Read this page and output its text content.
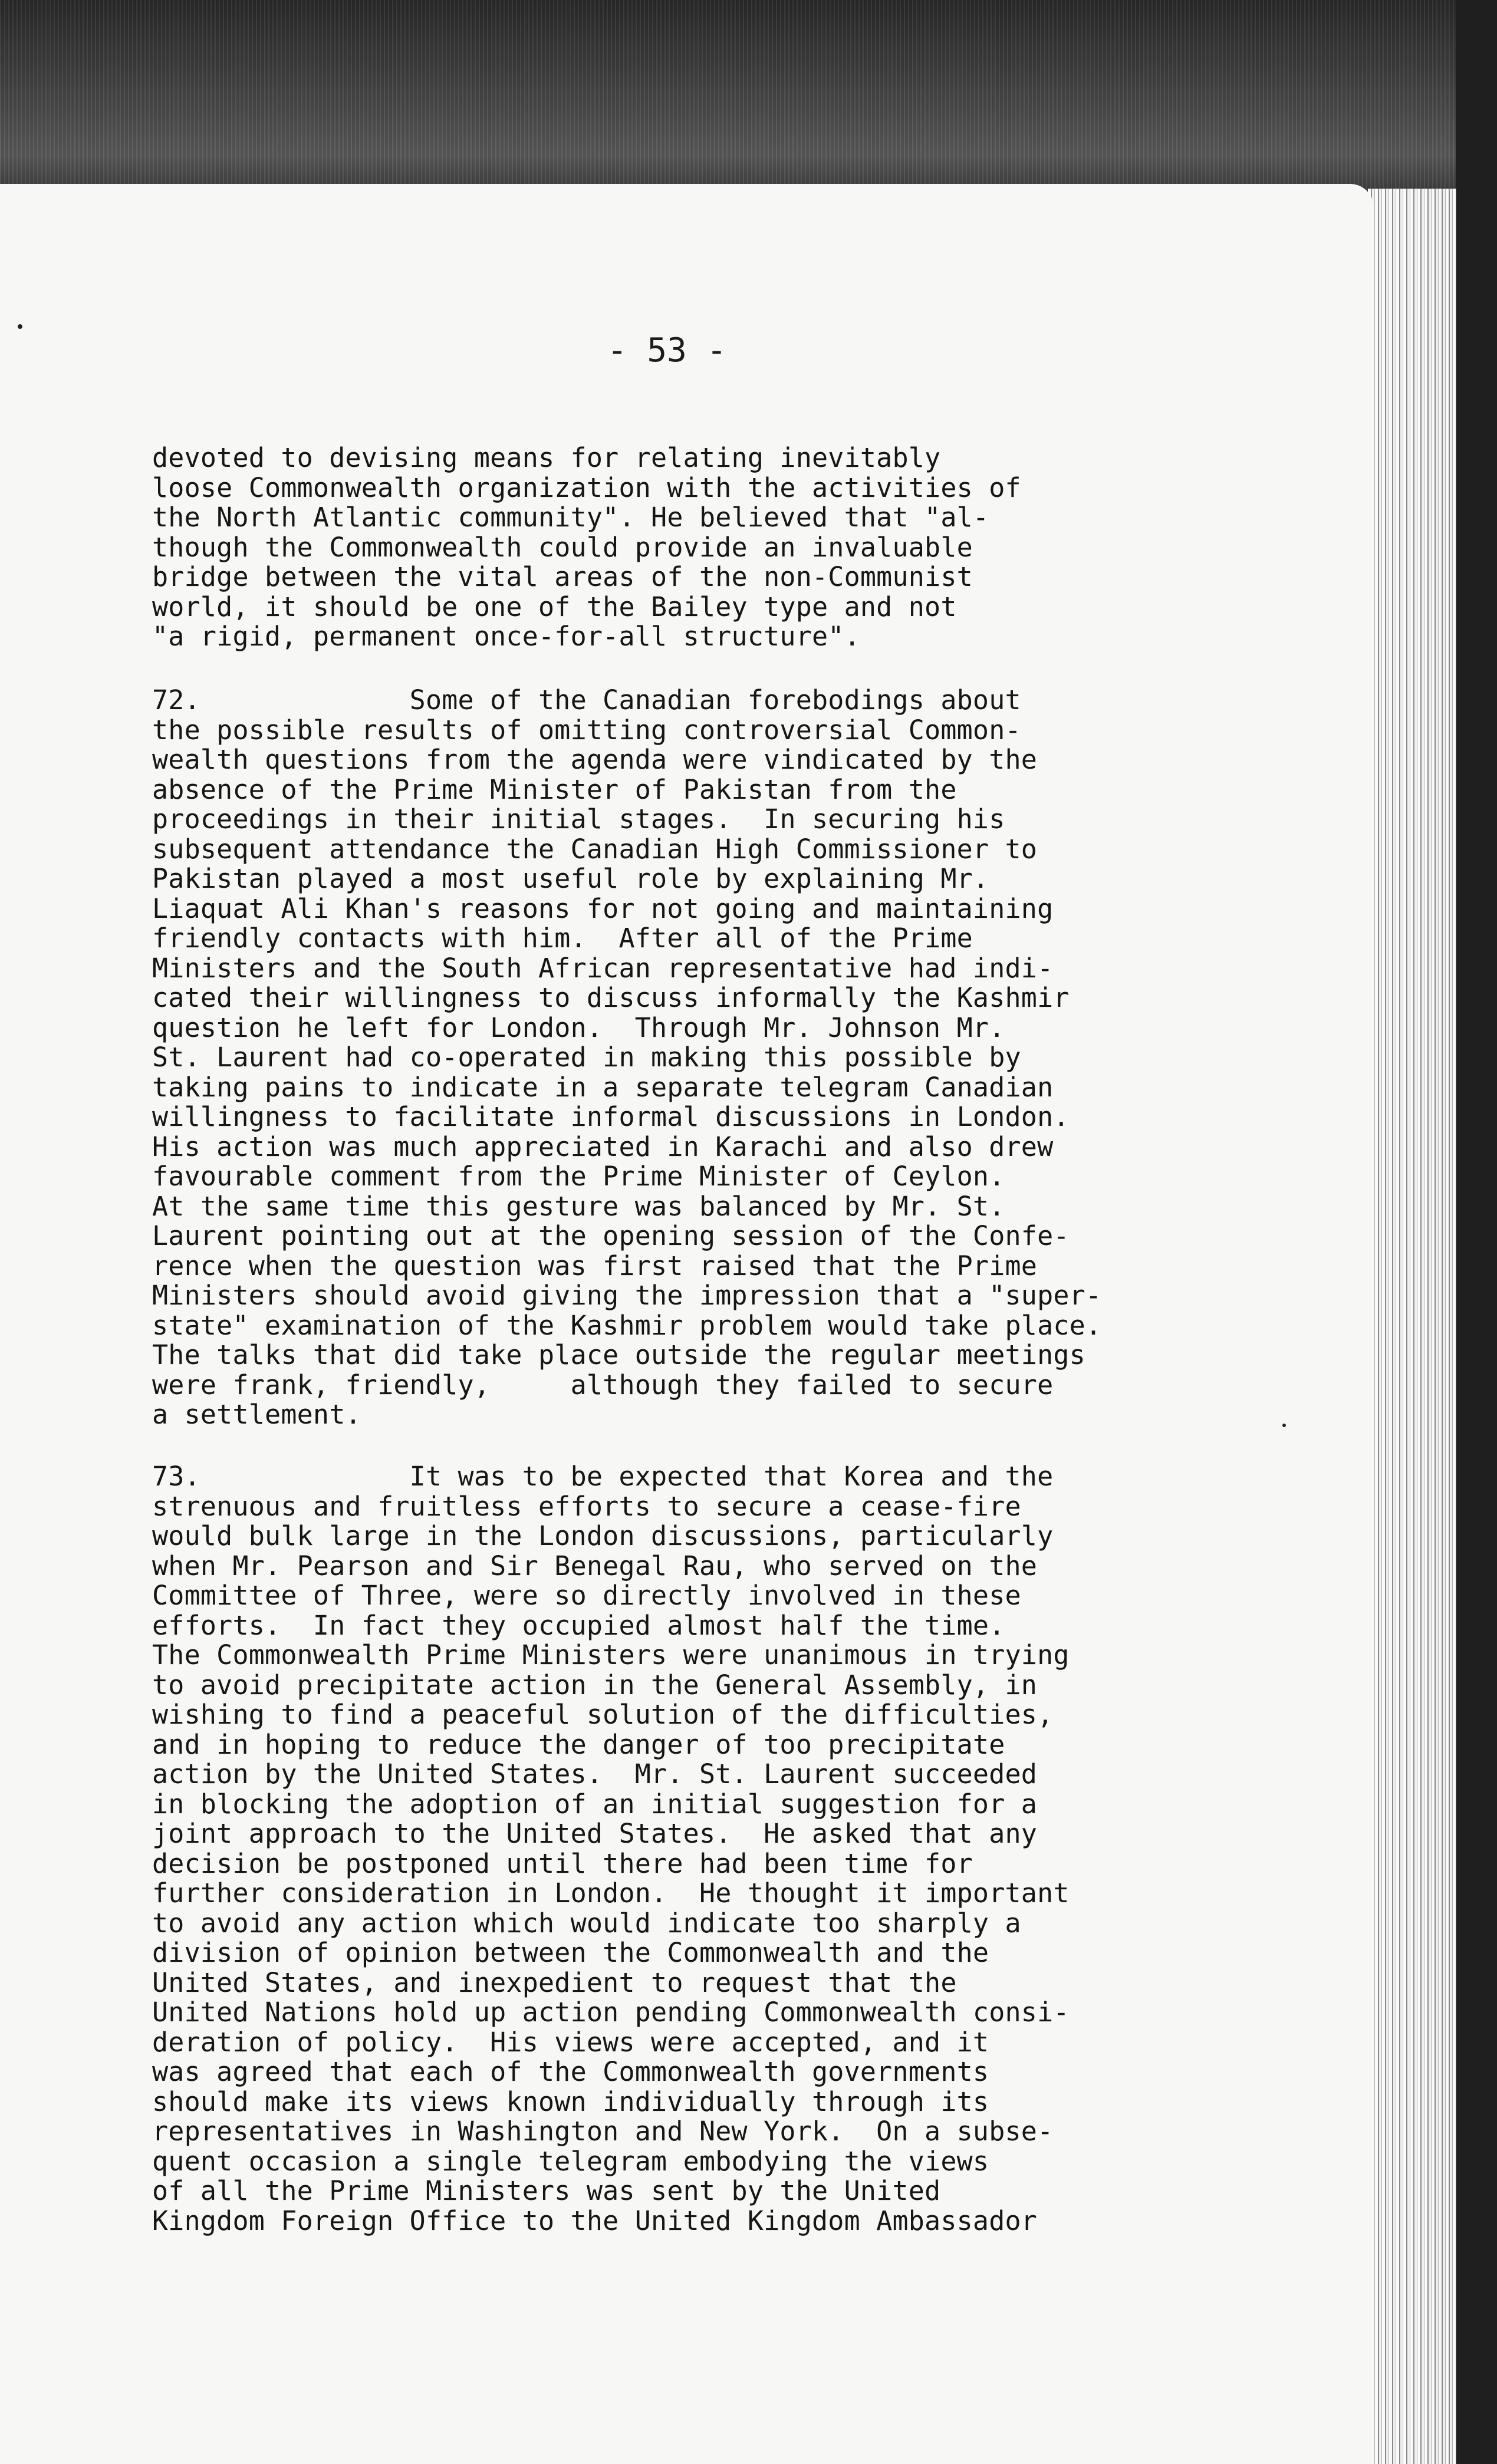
- 53 -
devoted to devising means for relating inevitably
loose Commonwealth organization with the activities of
the North Atlantic community". He believed that "al-
though the Commonwealth could provide an invaluable
bridge between the vital areas of the non-Communist
world, it should be one of the Bailey type and not
"a rigid, permanent once-for-all structure".
72.             Some of the Canadian forebodings about
the possible results of omitting controversial Common-
wealth questions from the agenda were vindicated by the
absence of the Prime Minister of Pakistan from the
proceedings in their initial stages.  In securing his
subsequent attendance the Canadian High Commissioner to
Pakistan played a most useful role by explaining Mr.
Liaquat Ali Khan's reasons for not going and maintaining
friendly contacts with him.  After all of the Prime
Ministers and the South African representative had indi-
cated their willingness to discuss informally the Kashmir
question he left for London.  Through Mr. Johnson Mr.
St. Laurent had co-operated in making this possible by
taking pains to indicate in a separate telegram Canadian
willingness to facilitate informal discussions in London.
His action was much appreciated in Karachi and also drew
favourable comment from the Prime Minister of Ceylon.
At the same time this gesture was balanced by Mr. St.
Laurent pointing out at the opening session of the Confe-
rence when the question was first raised that the Prime
Ministers should avoid giving the impression that a "super-
state" examination of the Kashmir problem would take place.
The talks that did take place outside the regular meetings
were frank, friendly,     although they failed to secure
a settlement.
73.             It was to be expected that Korea and the
strenuous and fruitless efforts to secure a cease-fire
would bulk large in the London discussions, particularly
when Mr. Pearson and Sir Benegal Rau, who served on the
Committee of Three, were so directly involved in these
efforts.  In fact they occupied almost half the time.
The Commonwealth Prime Ministers were unanimous in trying
to avoid precipitate action in the General Assembly, in
wishing to find a peaceful solution of the difficulties,
and in hoping to reduce the danger of too precipitate
action by the United States.  Mr. St. Laurent succeeded
in blocking the adoption of an initial suggestion for a
joint approach to the United States.  He asked that any
decision be postponed until there had been time for
further consideration in London.  He thought it important
to avoid any action which would indicate too sharply a
division of opinion between the Commonwealth and the
United States, and inexpedient to request that the
United Nations hold up action pending Commonwealth consi-
deration of policy.  His views were accepted, and it
was agreed that each of the Commonwealth governments
should make its views known individually through its
representatives in Washington and New York.  On a subse-
quent occasion a single telegram embodying the views
of all the Prime Ministers was sent by the United
Kingdom Foreign Office to the United Kingdom Ambassador
